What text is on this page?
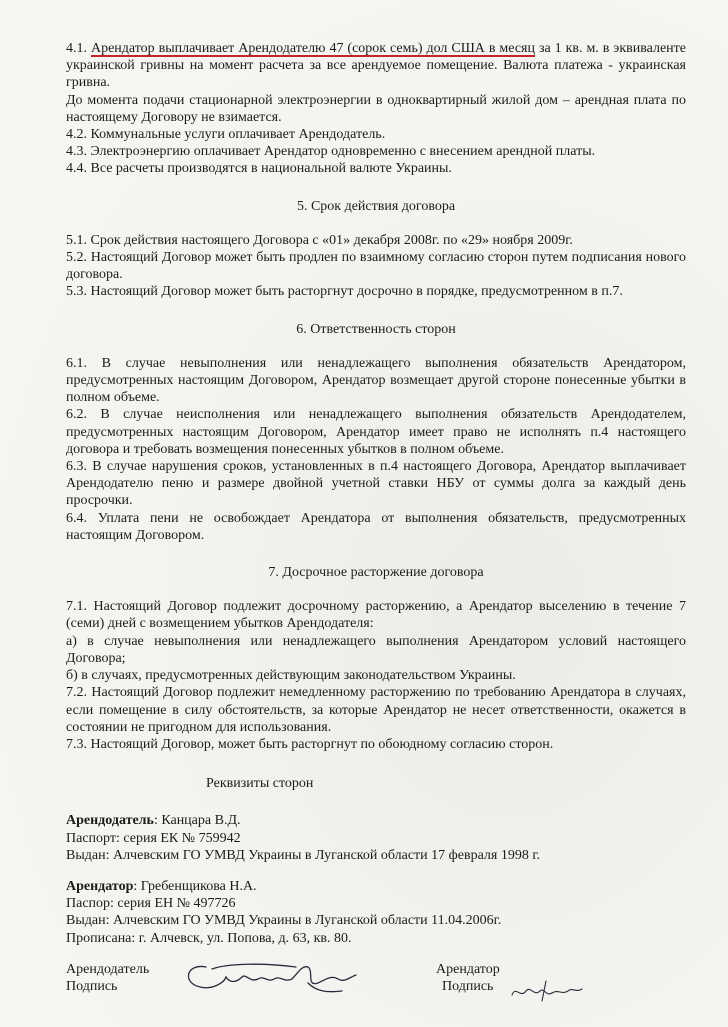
4.1. Арендатор выплачивает Арендодателю 47 (сорок семь) дол США в месяц за 1 кв. м. в эквиваленте украинской гривны на момент расчета за все арендуемое помещение. Валюта платежа - украинская гривна.

До момента подачи стационарной электроэнергии в однoквартирный жилой дом – арендная плата по настоящему Договору не взимается.

4.2. Коммунальные услуги оплачивает Арендодатель.

4.3. Электроэнергию оплачивает Арендатор одновременно с внесением арендной платы.

4.4. Все расчеты производятся в национальной валюте Украины.

5. Срок действия договора

5.1. Срок действия настоящего Договора с «01» декабря 2008г. по «29» ноября 2009г.

5.2. Настоящий Договор может быть продлен по взаимному согласию сторон путем подписания нового договора.

5.3. Настоящий Договор может быть расторгнут досрочно в порядке, предусмотренном в п.7.

6. Ответственность сторон

6.1. В случае невыполнения или ненадлежащего выполнения обязательств Арендатором, предусмотренных настоящим Договором, Арендатор возмещает другой стороне понесенные убытки в полном объеме.

6.2. В случае неисполнения или ненадлежащего выполнения обязательств Арендодателем, предусмотренных настоящим Договором, Арендатор имеет право не исполнять п.4 настоящего договора и требовать возмещения понесенных убытков в полном объеме.

6.3. В случае нарушения сроков, установленных в п.4 настоящего Договора, Арендатор выплачивает Арендодателю пеню и размере двойной учетной ставки НБУ от суммы долга за каждый день просрочки.

6.4. Уплата пени не освобождает Арендатора от выполнения обязательств, предусмотренных настоящим Договором.

7. Досрочное расторжение договора

7.1. Настоящий Договор подлежит досрочному расторжению, а Арендатор выселению в течение 7 (семи) дней с возмещением убытков Арендодателя:

а) в случае невыполнения или ненадлежащего выполнения Арендатором условий настоящего Договора;

б) в случаях, предусмотренных действующим законодательством Украины.

7.2. Настоящий Договор подлежит немедленному расторжению по требованию Арендатора в случаях, если помещение в силу обстоятельств, за которые Арендатор не несет ответственности, окажется в состоянии не пригодном для использования.

7.3. Настоящий Договор, может быть расторгнут по обоюдному согласию сторон.

Реквизиты сторон

Арендодатель: Канцара В.Д.

Паспорт: серия ЕК № 759942

Выдан: Алчевским ГО УМВД Украины в Луганской области 17 февраля 1998 г.

Арендатор: Гребенщикова Н.А.

Паспор: серия ЕН № 497726

Выдан: Алчевским ГО УМВД Украины в Луганской области 11.04.2006г.

Прописана: г. Алчевск, ул. Попова, д. 63, кв. 80.

Арендодатель

Подпись

Арендатор

Подпись
